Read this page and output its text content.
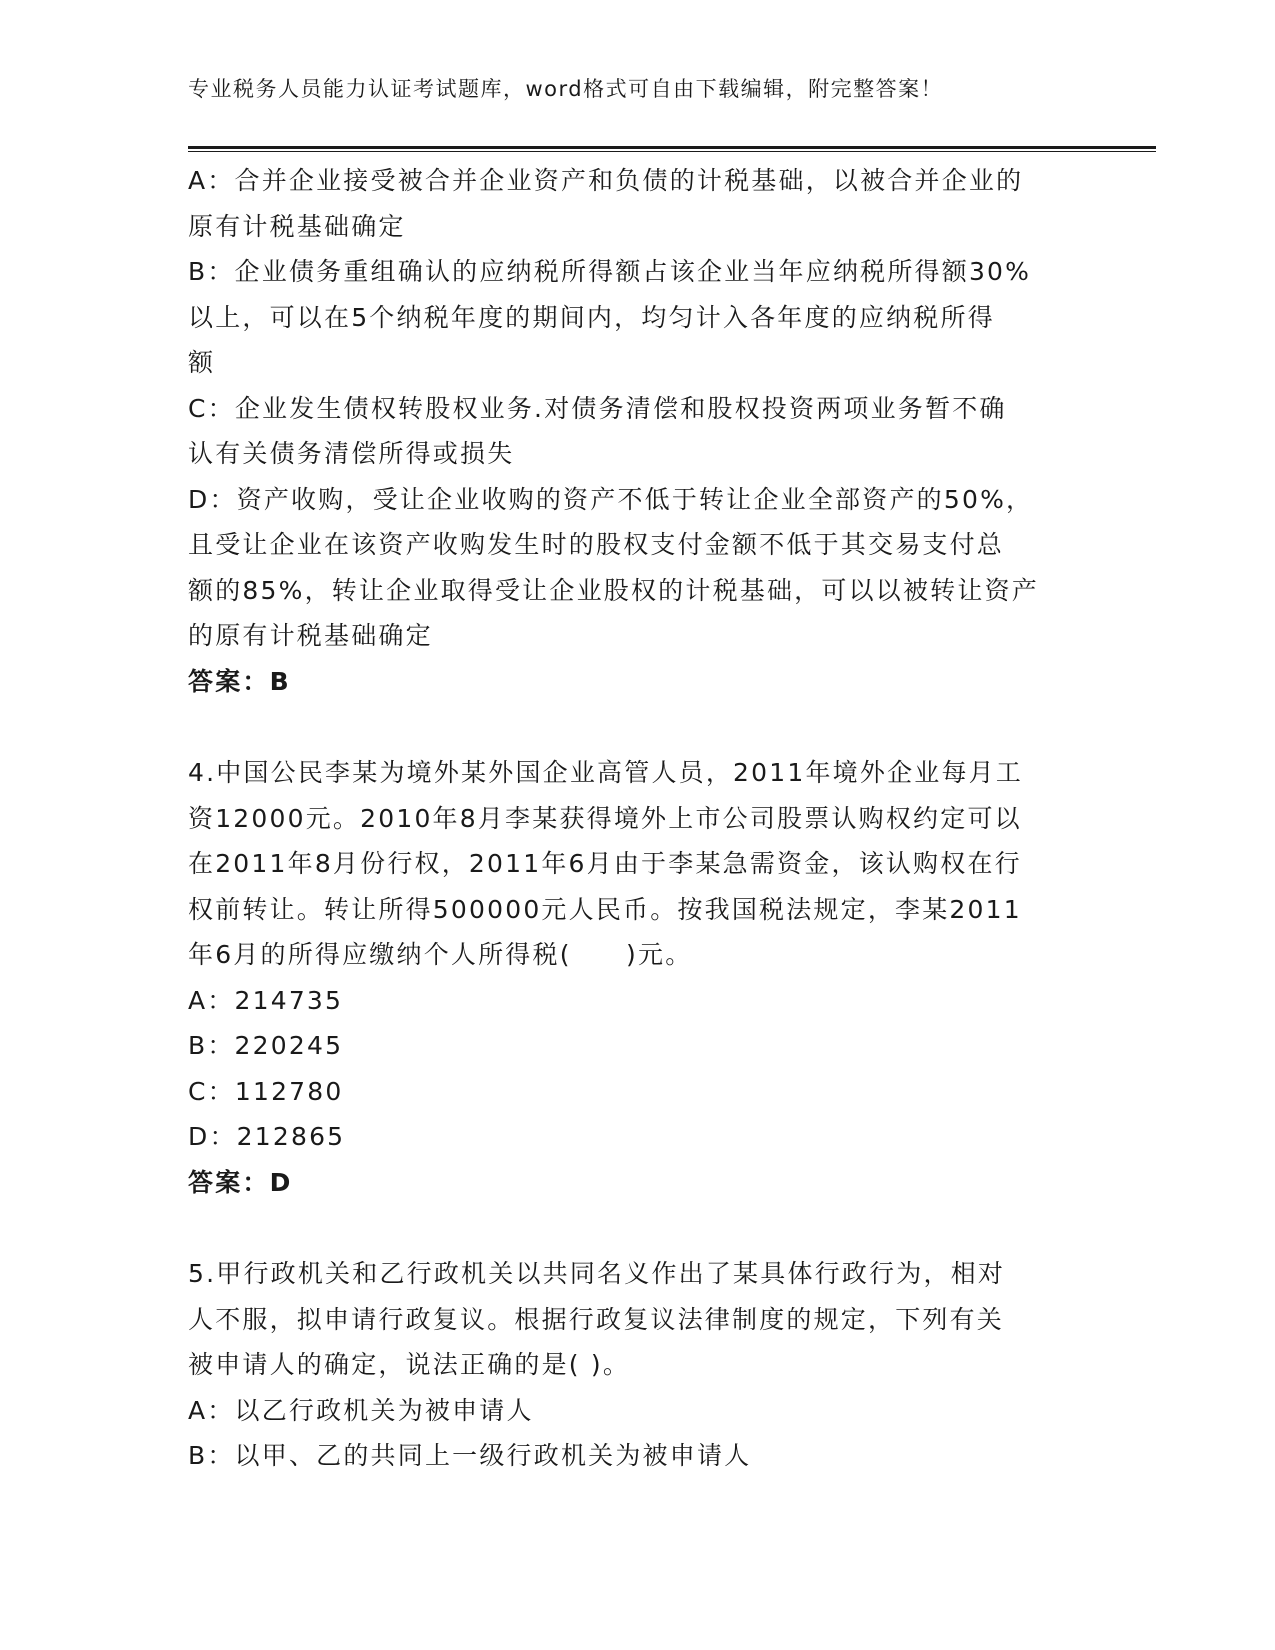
专业税务人员能力认证考试题库，word格式可自由下载编辑，附完整答案！
A：合并企业接受被合并企业资产和负债的计税基础，以被合并企业的
原有计税基础确定
B：企业债务重组确认的应纳税所得额占该企业当年应纳税所得额30%
以上，可以在5个纳税年度的期间内，均匀计入各年度的应纳税所得
额
C：企业发生债权转股权业务.对债务清偿和股权投资两项业务暂不确
认有关债务清偿所得或损失
D：资产收购，受让企业收购的资产不低于转让企业全部资产的50%，
且受让企业在该资产收购发生时的股权支付金额不低于其交易支付总
额的85%，转让企业取得受让企业股权的计税基础，可以以被转让资产
的原有计税基础确定
答案：B
4.中国公民李某为境外某外国企业高管人员，2011年境外企业每月工
资12000元。2010年8月李某获得境外上市公司股票认购权约定可以
在2011年8月份行权，2011年6月由于李某急需资金，该认购权在行
权前转让。转让所得500000元人民币。按我国税法规定，李某2011
年6月的所得应缴纳个人所得税(　　)元。
A：214735
B：220245
C：112780
D：212865
答案：D
5.甲行政机关和乙行政机关以共同名义作出了某具体行政行为，相对
人不服，拟申请行政复议。根据行政复议法律制度的规定，下列有关
被申请人的确定，说法正确的是( )。
A：以乙行政机关为被申请人
B：以甲、乙的共同上一级行政机关为被申请人
